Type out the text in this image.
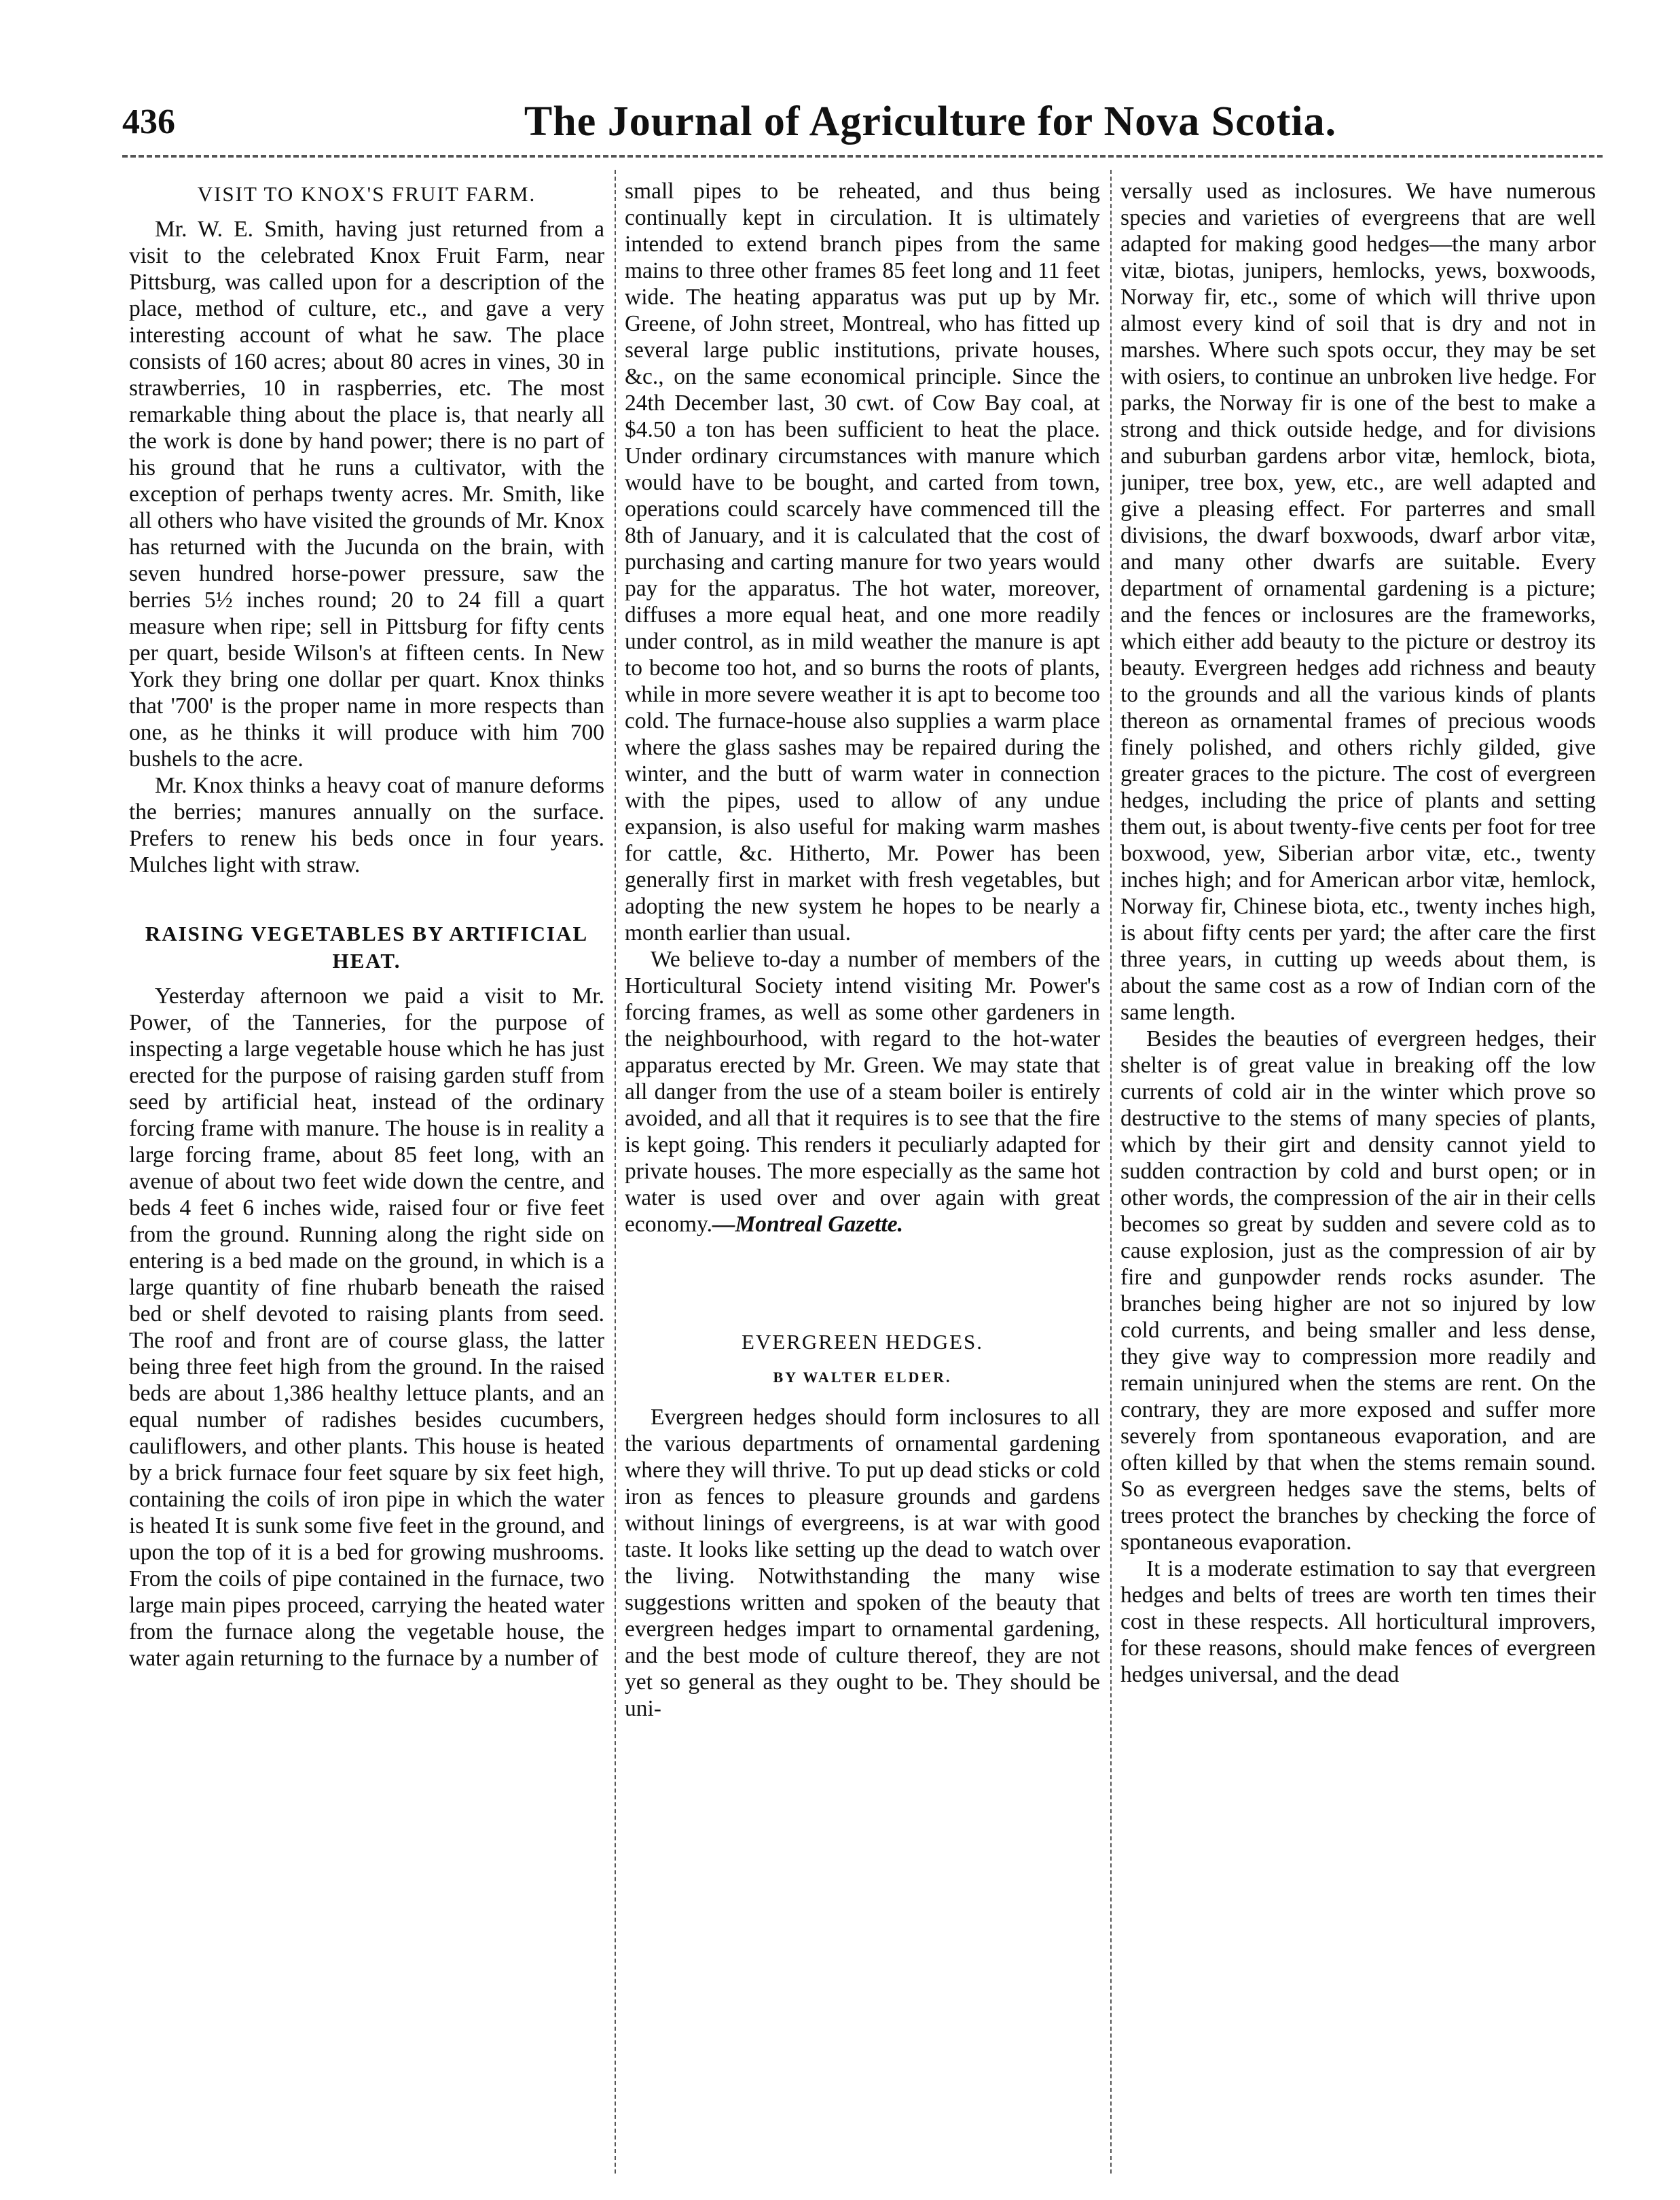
436	The Journal of Agriculture for Nova Scotia.
VISIT TO KNOX'S FRUIT FARM.

Mr. W. E. Smith, having just returned from a visit to the celebrated Knox Fruit Farm, near Pittsburg, was called upon for a description of the place, method of culture, etc., and gave a very interesting account of what he saw. The place consists of 160 acres; about 80 acres in vines, 30 in strawberries, 10 in raspberries, etc. The most remarkable thing about the place is, that nearly all the work is done by hand power; there is no part of his ground that he runs a cultivator, with the exception of perhaps twenty acres. Mr. Smith, like all others who have visited the grounds of Mr. Knox has returned with the Jucunda on the brain, with seven hundred horse-power pressure, saw the berries 5½ inches round; 20 to 24 fill a quart measure when ripe; sell in Pittsburg for fifty cents per quart, beside Wilson's at fifteen cents. In New York they bring one dollar per quart. Knox thinks that '700' is the proper name in more respects than one, as he thinks it will produce with him 700 bushels to the acre.

Mr. Knox thinks a heavy coat of manure deforms the berries; manures annually on the surface. Prefers to renew his beds once in four years. Mulches light with straw.

RAISING VEGETABLES BY ARTIFICIAL HEAT.

Yesterday afternoon we paid a visit to Mr. Power, of the Tanneries, for the purpose of inspecting a large vegetable house which he has just erected for the purpose of raising garden stuff from seed by artificial heat, instead of the ordinary forcing frame with manure. The house is in reality a large forcing frame, about 85 feet long, with an avenue of about two feet wide down the centre, and beds 4 feet 6 inches wide, raised four or five feet from the ground. Running along the right side on entering is a bed made on the ground, in which is a large quantity of fine rhubarb beneath the raised bed or shelf devoted to raising plants from seed. The roof and front are of course glass, the latter being three feet high from the ground. In the raised beds are about 1,386 healthy lettuce plants, and an equal number of radishes besides cucumbers, cauliflowers, and other plants. This house is heated by a brick furnace four feet square by six feet high, containing the coils of iron pipe in which the water is heated It is sunk some five feet in the ground, and upon the top of it is a bed for growing mushrooms. From the coils of pipe contained in the furnace, two large main pipes proceed, carrying the heated water from the furnace along the vegetable house, the water again returning to the furnace by a number of

small pipes to be reheated, and thus being continually kept in circulation. It is ultimately intended to extend branch pipes from the same mains to three other frames 85 feet long and 11 feet wide. The heating apparatus was put up by Mr. Greene, of John street, Montreal, who has fitted up several large public institutions, private houses, &c., on the same economical principle. Since the 24th December last, 30 cwt. of Cow Bay coal, at $4.50 a ton has been sufficient to heat the place. Under ordinary circumstances with manure which would have to be bought, and carted from town, operations could scarcely have commenced till the 8th of January, and it is calculated that the cost of purchasing and carting manure for two years would pay for the apparatus. The hot water, moreover, diffuses a more equal heat, and one more readily under control, as in mild weather the manure is apt to become too hot, and so burns the roots of plants, while in more severe weather it is apt to become too cold. The furnace-house also supplies a warm place where the glass sashes may be repaired during the winter, and the butt of warm water in connection with the pipes, used to allow of any undue expansion, is also useful for making warm mashes for cattle, &c. Hitherto, Mr. Power has been generally first in market with fresh vegetables, but adopting the new system he hopes to be nearly a month earlier than usual.

We believe to-day a number of members of the Horticultural Society intend visiting Mr. Power's forcing frames, as well as some other gardeners in the neighbourhood, with regard to the hot-water apparatus erected by Mr. Green. We may state that all danger from the use of a steam boiler is entirely avoided, and all that it requires is to see that the fire is kept going. This renders it peculiarly adapted for private houses. The more especially as the same hot water is used over and over again with great economy.—Montreal Gazette.

EVERGREEN HEDGES.
BY WALTER ELDER.

Evergreen hedges should form inclosures to all the various departments of ornamental gardening where they will thrive. To put up dead sticks or cold iron as fences to pleasure grounds and gardens without linings of evergreens, is at war with good taste. It looks like setting up the dead to watch over the living. Notwithstanding the many wise suggestions written and spoken of the beauty that evergreen hedges impart to ornamental gardening, and the best mode of culture thereof, they are not yet so general as they ought to be. They should be uni-

versally used as inclosures. We have numerous species and varieties of evergreens that are well adapted for making good hedges—the many arbor vitæ, biotas, junipers, hemlocks, yews, boxwoods, Norway fir, etc., some of which will thrive upon almost every kind of soil that is dry and not in marshes. Where such spots occur, they may be set with osiers, to continue an unbroken live hedge. For parks, the Norway fir is one of the best to make a strong and thick outside hedge, and for divisions and suburban gardens arbor vitæ, hemlock, biota, juniper, tree box, yew, etc., are well adapted and give a pleasing effect. For parterres and small divisions, the dwarf boxwoods, dwarf arbor vitæ, and many other dwarfs are suitable. Every department of ornamental gardening is a picture; and the fences or inclosures are the frameworks, which either add beauty to the picture or destroy its beauty. Evergreen hedges add richness and beauty to the grounds and all the various kinds of plants thereon as ornamental frames of precious woods finely polished, and others richly gilded, give greater graces to the picture. The cost of evergreen hedges, including the price of plants and setting them out, is about twenty-five cents per foot for tree boxwood, yew, Siberian arbor vitæ, etc., twenty inches high; and for American arbor vitæ, hemlock, Norway fir, Chinese biota, etc., twenty inches high, is about fifty cents per yard; the after care the first three years, in cutting up weeds about them, is about the same cost as a row of Indian corn of the same length.

Besides the beauties of evergreen hedges, their shelter is of great value in breaking off the low currents of cold air in the winter which prove so destructive to the stems of many species of plants, which by their girt and density cannot yield to sudden contraction by cold and burst open; or in other words, the compression of the air in their cells becomes so great by sudden and severe cold as to cause explosion, just as the compression of air by fire and gunpowder rends rocks asunder. The branches being higher are not so injured by low cold currents, and being smaller and less dense, they give way to compression more readily and remain uninjured when the stems are rent. On the contrary, they are more exposed and suffer more severely from spontaneous evaporation, and are often killed by that when the stems remain sound. So as evergreen hedges save the stems, belts of trees protect the branches by checking the force of spontaneous evaporation.

It is a moderate estimation to say that evergreen hedges and belts of trees are worth ten times their cost in these respects. All horticultural improvers, for these reasons, should make fences of evergreen hedges universal, and the dead
